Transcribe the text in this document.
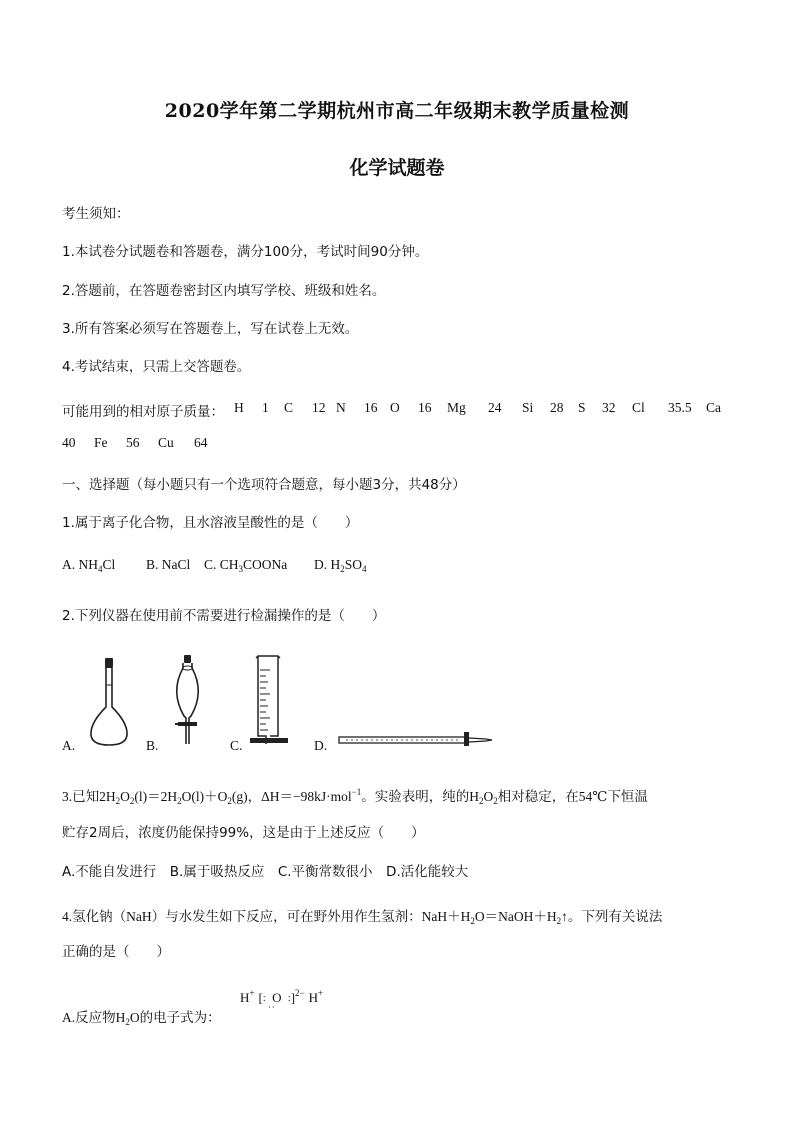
2020学年第二学期杭州市高二年级期末教学质量检测
化学试题卷
考生须知：
1.本试卷分试题卷和答题卷，满分100分，考试时间90分钟。
2.答题前，在答题卷密封区内填写学校、班级和姓名。
3.所有答案必须写在答题卷上，写在试卷上无效。
4.考试结束，只需上交答题卷。
可能用到的相对原子质量： H 1 C 12 N 16 O 16 Mg 24 Si 28 S 32 Cl 35.5 Ca
40 Fe 56 Cu 64
一、选择题（每小题只有一个选项符合题意，每小题3分，共48分）
1.属于离子化合物，且水溶液呈酸性的是（　　）
A. $NH_4Cl$ B. NaCl C. $CH_3COONa$ D. $H_2SO_4$
2.下列仪器在使用前不需要进行检漏操作的是（　　）
A.	B.	C.	D.
3.已知$2H_2O_2(l)=2H_2O(l)+O_2(g)$，ΔH＝−98kJ·mol$^{-1}$。实验表明，纯的$H_2O_2$相对稳定，在54℃下恒温
贮存2周后，浓度仍能保持99%，这是由于上述反应（　　）
A.不能自发进行　B.属于吸热反应　C.平衡常数很小　D.活化能较大
4.氢化钠（NaH）与水发生如下反应，可在野外用作生氢剂：$NaH+H_2O=NaOH+H_2↑$。下列有关说法
正确的是（　　）
A.反应物$H_2O$的电子式为：
H+ [ : O :
··
]$^{2-}$ H+
